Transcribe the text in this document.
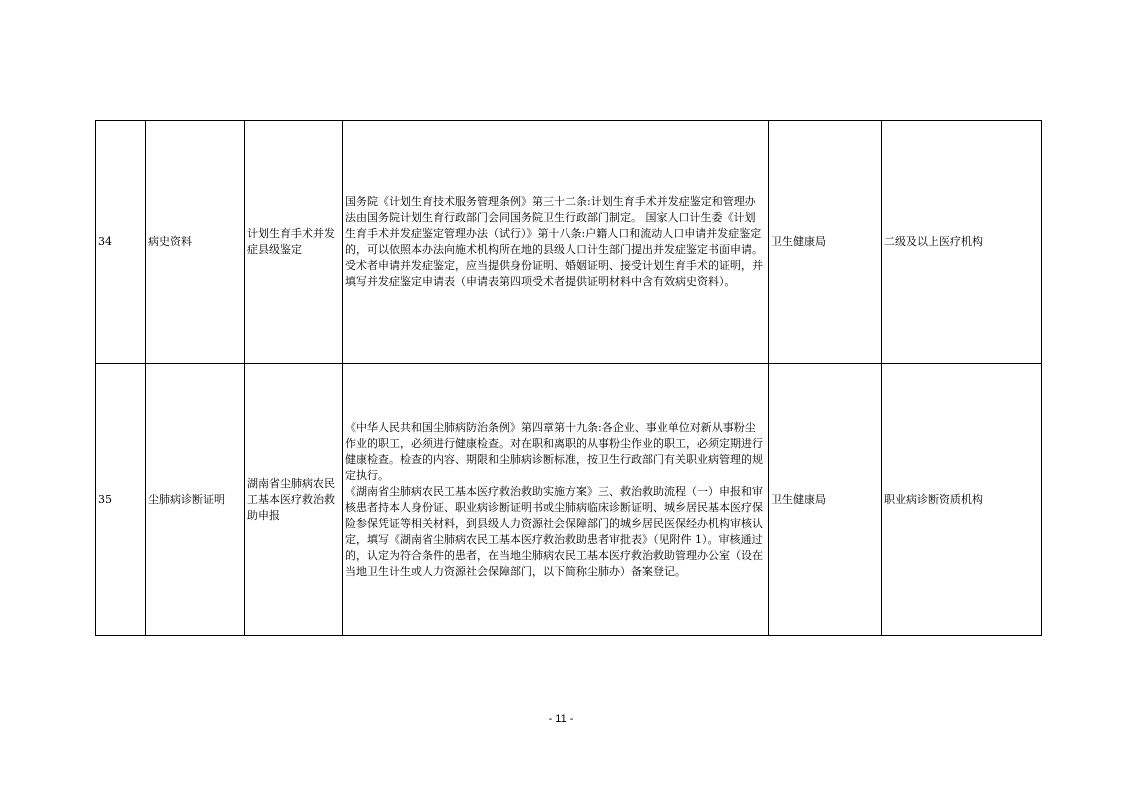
34	病史资料	计划生育手术并发症县级鉴定	国务院《计划生育技术服务管理条例》第三十二条:计划生育手术并发症鉴定和管理办法由国务院计划生育行政部门会同国务院卫生行政部门制定。 国家人口计生委《计划生育手术并发症鉴定管理办法（试行）》第十八条:户籍人口和流动人口申请并发症鉴定的，可以依照本办法向施术机构所在地的县级人口计生部门提出并发症鉴定书面申请。受术者申请并发症鉴定，应当提供身份证明、婚姻证明、接受计划生育手术的证明，并填写并发症鉴定申请表（申请表第四项受术者提供证明材料中含有效病史资料）。	卫生健康局	二级及以上医疗机构
35	尘肺病诊断证明	湖南省尘肺病农民工基本医疗救治救助申报	《中华人民共和国尘肺病防治条例》第四章第十九条:各企业、事业单位对新从事粉尘作业的职工，必须进行健康检查。对在职和离职的从事粉尘作业的职工，必须定期进行健康检查。检查的内容、期限和尘肺病诊断标准，按卫生行政部门有关职业病管理的规定执行。

《湖南省尘肺病农民工基本医疗救治救助实施方案》三、救治救助流程（一）申报和审核患者持本人身份证、职业病诊断证明书或尘肺病临床诊断证明、城乡居民基本医疗保险参保凭证等相关材料，到县级人力资源社会保障部门的城乡居民医保经办机构审核认定，填写《湖南省尘肺病农民工基本医疗救治救助患者审批表》（见附件 1）。审核通过的，认定为符合条件的患者，在当地尘肺病农民工基本医疗救治救助管理办公室（设在当地卫生计生或人力资源社会保障部门，以下简称尘肺办）备案登记。	卫生健康局	职业病诊断资质机构
- 11 -
